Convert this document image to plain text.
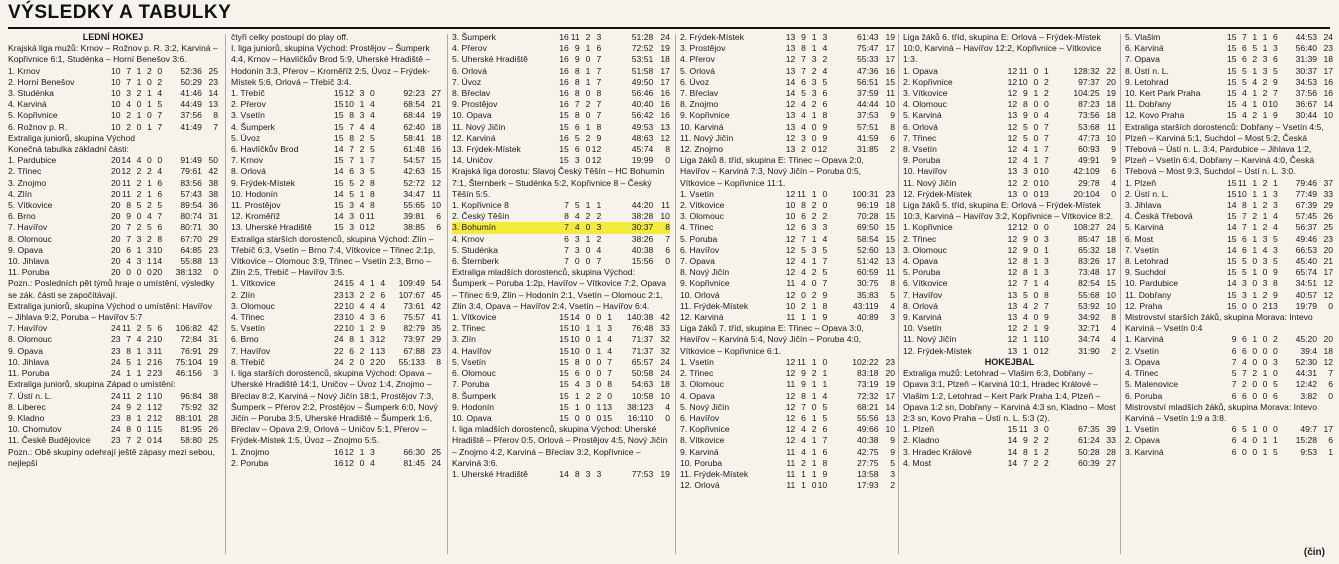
VÝSLEDKY A TABULKY
LEDNÍ HOKEJ
Krajská liga mužů: Krnov – Rožnov p. R. 3:2, Karviná – Kopřivnice 6:1, Studénka – Horní Benešov 3:6.
1. Krnov	10 7 1 2 0	52:36 25
2. Horní Benešov	10 7 1 0 2	50:29 23
3. Studénka	10 3 2 1 4	41:46 14
4. Karviná	10 4 0 1 5	44:49 13
5. Kopřivnice	10 2 1 0 7	37:56	8
6. Rožnov p. R.	10 2 0 1 7	41:49	7
Extraliga juniorů, skupina Východ
Konečná tabulka základní části:
1. Pardubice	20 14 4 0 0	91:49 50
2. Třinec	20 12 2 2 4	79:61 42
3. Znojmo	20 11 2 1 6	83:56 38
4. Zlín	20 11 2 1 6	57:43 38
5. Vítkovice	20 8 5 2 5	89:54 36
6. Brno	20 9 0 4 7	80:74 31
7. Havířov	20 7 2 5 6	80:71 30
8. Olomouc	20 7 3 2 8	67:70 29
9. Opava	20 6 1 3 10	64:85 23
10. Jihlava	20 4 3 1 14	55:88 13
11. Poruba	20 0 0 0 20	38:132	0
Pozn.: Posledních pět týmů hraje o umístění, výsledky se zák. části se započítávají.
Extraliga juniorů, skupina Východ o umístění: Havířov – Jihlava 9:2, Poruba – Havířov 5:7
7. Havířov	24 11 2 5 6	106:82 42
8. Olomouc	23 7 4 2 10	72:84 31
9. Opava	23 8 1 3 11	76:91 29
10. Jihlava	24 5 1 2 16	75:104 19
11. Poruba	24 1 1 2 23	46:156	3
Extraliga juniorů, skupina Západ o umístění:
7. Ústí n. L.	24 11 2 1 10	96:84 38
8. Liberec	24 9 2 1 12	75:92 32
9. Kladno	23 8 1 2 12	88:101 28
10. Chomutov	24 8 0 1 15	81:95 26
11. Českě Budějovice	23 7 2 0 14	58:80 25
Pozn.: Obě skupiny odehrají ještě zápasy mezi sebou, nejlepší
čtyři celky postoupí do play off.
I. liga juniorů, skupina Východ: Prostějov – Šumperk 4:4, Krnov – Havlíčkův Brod 5:9, Uherské Hradiště – Hodonín 3:3, Přerov – Kroměříž 2:5, Úvoz – Frýdek-Místek 5:6, Orlová – Třebíč 3:4.
1. Třebíč	15 12 3 0	92:23 27
2. Přerov	15 10 1 4	68:54 21
3. Vsetín	15 8 3 4	68:44 19
4. Šumperk	15 7 4 4	62:40 18
5. Úvoz	15 8 2 5	58:41 18
6. Havlíčkův Brod	14 7 2 5	61:48 16
7. Krnov	15 7 1 7	54:57 15
8. Orlová	14 6 3 5	42:63 15
9. Frýdek-Místek	15 5 2 8	52:72 12
10. Hodonín	14 5 1 8	34:47 11
11. Prostějov	15 3 4 8	55:65 10
12. Kroměříž	14 3 0 11	39:81	6
13. Uherské Hradiště	15 3 0 12	38:85	6
Extraliga starších dorostenců, skupina Východ: Zlín – Třebíč 6:3, Vsetín – Brno 7:4, Vítkovice – Třinec 2:1p, Vítkovice – Olomouc 3:9, Třinec – Vsetín 2:3, Brno – Zlín 2:5, Třebíč – Havířov 3:5.
1. Vítkovice	24 15 4 1 4	109:49 54
2. Zlín	23 13 2 2 6	107:67 45
3. Olomouc	22 10 4 4 4	73:61 42
4. Třinec	23 10 4 3 6	75:57 41
5. Vsetín	22 10 1 2 9	82:79 35
6. Brno	24 8 1 3 12	73:97 29
7. Havířov	22 6 2 1 13	67:88 23
8. Třebíč	24 2 0 2 20	55:133	8
I. liga starších dorostenců, skupina Východ: Opava – Uherské Hradiště 14:1, Uničov – Úvoz 1:4, Znojmo – Břeclav 8:2, Karviná – Nový Jičín 18:1, Prostějov 7:3, Šumperk – Přerov 2:2, Prostějov – Šumperk 6:0, Nový Jičín – Poruba 3:5, Uherské Hradiště – Šumperk 1:6, Břeclav – Opava 2:9, Orlová – Uničov 5:1, Přerov – Frýdek-Místek 1:5, Úvoz – Znojmo 5:5.
1. Znojmo	16 12 1 3	66:30 25
2. Poruba	16 12 0 4	81:45 24
3. Šumperk	16 11 2 3	51:28 24
4. Přerov	16 9 1 6	72:52 19
5. Uherské Hradiště	16 9 0 7	53:51 18
6. Orlová	16 8 1 7	51:58 17
7. Úvoz	16 8 1 7	49:50 17
8. Břeclav	16 8 0 8	56:46 16
9. Prostějov	16 7 2 7	40:40 16
10. Opava	15 8 0 7	56:42 16
11. Nový Jičín	15 6 1 8	49:53 13
12. Karviná	16 5 2 9	48:63 12
13. Frýdek-Místek	15 6 0 12	45:74	8
14. Uničov	15 3 0 12	19:99	0
Krajská liga dorostu: Slavoj Český Těšín – HC Bohumín 7:1, Šternberk – Studénka 5:2, Kopřivnice 8 – Český Těšín 5:5.
1. Kopřivnice 8	7 5 1 1	44:20 11
2. Český Těšín	8 4 2 2	38:28 10
3. Bohumín	7 4 0 3	30:37	8
4. Krnov	6 3 1 2	38:26	7
5. Studénka	7 3 0 4	40:38	6
6. Šternberk	7 0 0 7	15:56	0
Extraliga mladších dorostenců, skupina Východ: Šumperk – Poruba 1:2p, Havířov – Vítkovice 7:2, Opava – Třinec 6:9, Zlín – Hodonín 2:1, Vsetín – Olomouc 2:1, Zlín 3:4, Opava – Havířov 2:4, Vsetín – Havířov 6:4.
1. Vítkovice	15 14 0 0 1	140:38 42
2. Třinec	15 10 1 1 3	76:48 33
3. Zlín	15 10 0 1 4	71:37 32
4. Havířov	15 10 0 1 4	71:37 32
5. Vsetín	15 8 0 0 7	65:57 24
6. Olomouc	15 6 0 0 7	50:58 24
7. Poruba	15 4 3 0 8	54:63 18
8. Šumperk	15 1 2 2 0	10:58 10
9. Hodonín	15 1 0 1 13	38:123	4
10. Opava	15 0 0 0 15	16:110	0
I. liga mladších dorostenců, skupina Východ: Uherské Hradiště – Přerov 0:5, Orlová – Prostějov 4:5, Nový Jičín – Znojmo 4:2, Karviná – Břeclav 3:2, Kopřivnice – Karviná 3:6.
1. Uherské Hradiště	14 8 3 3	77:53 19
2. Frýdek-Místek	13 9 1 3	61:43 19
3. Prostějov	13 8 1 4	75:47 17
4. Přerov	12 7 3 2	55:33 17
5. Orlová	13 7 2 4	47:36 16
6. Úvoz	14 6 3 5	56:51 15
7. Břeclav	14 5 3 6	37:59 11
8. Znojmo	12 4 2 6	44:44 10
9. Kopřivnice	13 4 1 8	37:53	9
10. Karviná	13 4 0 9	57:51	8
11. Nový Jičín	12 3 0 9	41:59	6
12. Znojmo	13 2 0 12	31:85	2
Liga žáků 8. tříd, skupina E: Třinec – Opava 2:0, Havířov – Karviná 7:3, Nový Jičín – Poruba 0:5, Vítkovice – Kopřivnice 11:1.
1. Vsetín	12 11 1 0	100:31 23
2. Vítkovice	10 8 2 0	96:19 18
3. Olomouc	10 6 2 2	70:28 15
4. Třinec	12 6 3 3	69:50 15
5. Poruba	12 7 1 4	58:54 15
6. Havířov	12 5 3 5	52:60 13
7. Opava	12 4 1 7	51:42 13
8. Nový Jičín	12 4 2 5	60:59 11
9. Kopřivnice	11 4 0 7	30:75	8
10. Orlová	12 0 2 9	35:83	5
11. Frýdek-Místek	10 2 1 8	43:119	4
12. Karviná	11 1 1 9	40:89	3
Liga žáků 7. tříd, skupina E: Třinec – Opava 3:0, Havířov – Karviná 5:4, Nový Jičín – Poruba 4:0, Vítkovice – Kopřivnice 6:1.
1. Vsetín	12 11 1 0	102:22 23
2. Třinec	12 9 2 1	83:18 20
3. Olomouc	11 9 1 1	73:19 19
4. Opava	12 8 1 4	72:32 17
5. Nový Jičín	12 7 0 5	68:21 14
6. Havířov	12 6 1 5	55:56 13
7. Kopřivnice	12 4 2 6	49:66 10
8. Vítkovice	12 4 1 7	40:38	9
9. Karviná	11 4 1 6	42:75	9
10. Poruba	11 2 1 8	27:75	5
11. Frýdek-Místek	11 1 1 9	13:58	3
12. Orlová	11 1 0 10	17:93	2
Liga žáků 6. tříd, skupina E: Orlová – Frýdek-Místek 10:0, Karviná – Havířov 12:2, Kopřivnice – Vítkovice 1:3.
1. Opava	12 11 0 1	128:32 22
2. Kopřivnice	12 10 0 2	97:37 20
3. Vítkovice	12 9 1 2	104:25 19
4. Olomouc	12 8 0 0	87:23 18
5. Karviná	13 9 0 4	73:56 18
6. Orlová	12 5 0 7	53:68 11
7. Třinec	12 5 0 7	47:73 10
8. Vsetín	12 4 1 7	60:93	9
9. Poruba	12 4 1 7	49:91	9
10. Havířov	13 3 0 10	42:109	6
11. Nový Jičín	12 2 0 10	29:78	4
12. Frýdek-Místek	13 0 0 13	20:104	0
Liga žáků 5. tříd, skupina E: Orlová – Frýdek-Místek 10:3, Karviná – Havířov 3:2, Kopřivnice – Vítkovice 8:2.
1. Kopřivnice	12 12 0 0	108:27 24
2. Třinec	12 9 0 3	85:47 18
3. Olomouc	12 9 0 1	65:32 18
4. Opava	12 8 1 3	83:26 17
5. Poruba	12 8 1 3	73:48 17
6. Vítkovice	12 7 1 4	82:54 15
7. Havířov	13 5 0 8	55:68 10
8. Orlová	13 4 2 7	53:92 10
9. Karviná	13 4 0 9	34:92	8
10. Vsetín	12 2 1 9	32:71	4
11. Nový Jičín	12 1 1 10	34:74	4
12. Frýdek-Místek	13 1 0 12	31:90	2
HOKEJBAL
Extraliga mužů: Letohrad – Vlašim 6:3, Dobřany – Opava 3:1, Plzeň – Karviná 10:1, Hradec Králové – Vlašim 1:2, Letohrad – Kert Park Praha 1:4, Plzeň – Opava 1:2 sn, Dobřany – Karviná 4:3 sn, Kladno – Most 2:3 sn, Kovo Praha – Ústí n. L. 5:3 (2).
1. Plzeň	15 11 3 0	67:35 39
2. Kladno	14 9 2 2	61:24 33
3. Hradec Králové	14 8 1 2	50:28 28
4. Most	14 7 2 2	60:39 27
5. Vlašim	15 7 1 1 6	44:53 24
6. Karviná	15 6 5 1 3	56:40 23
7. Opava	15 6 2 3 6	31:39 18
8. Ústí n. L.	15 5 1 3 5	30:37 17
9. Letohrad	15 5 4 2 9	34:53 16
10. Kert Park Praha	15 4 1 2 7	37:56 16
11. Dobřany	15 4 1 0 10	36:67 14
12. Kovo Praha	15 4 2 1 9	30:44 10
Extraliga starších dorostenců: Dobřany – Vsetín 4:5, Plzeň – Karviná 5:1, Suchdol – Most 5:2, Česká Třebová – Ústí n. L. 3:4, Pardubice – Jihlava 1:2, Plzeň – Vsetín 6:4, Dobřany – Karviná 4:0, Česká Třebová – Most 9:3, Suchdol – Ústí n. L. 3:0.
1. Plzeň	15 11 1 2 1	79:46 37
2. Ústí n. L.	15 10 1 1 3	77:49 33
3. Jihlava	14 8 1 2 3	67:39 29
4. Česká Třebová	15 7 2 1 4	57:45 26
5. Karviná	14 7 1 2 4	56:37 25
6. Most	15 6 1 3 5	49:46 23
7. Vsetín	14 6 1 4 3	66:53 20
8. Letohrad	15 5 0 3 5	45:40 21
9. Suchdol	15 5 1 0 9	65:74 17
10. Pardubice	14 3 0 3 8	34:51 12
11. Dobřany	15 3 1 2 9	40:57 12
12. Praha	15 0 0 2 13	19:79	0
Mistrovství starších žáků, skupina Morava: Intevo Karviná – Vsetín 0:4
1. Karviná	9 6 1 0 2	45:20 20
2. Vsetín	6 6 0 0 0	39:4 18
3. Opava	7 4 0 0 3	52:30 12
4. Třinec	5 7 2 1 0	44:31	7
5. Malenovice	7 2 0 0 5	12:42	6
6. Poruba	6 6 0 0 6	3:82	0
Mistrovství mladších žáků, skupina Morava: Intevo Karviná – Vsetín 1:9 a 3:8.
1. Vsetín	6 5 1 0 0	49:7 17
2. Opava	6 4 0 1 1	15:28	6
3. Karviná	6 0 0 1 5	9:53	1
(čin)
